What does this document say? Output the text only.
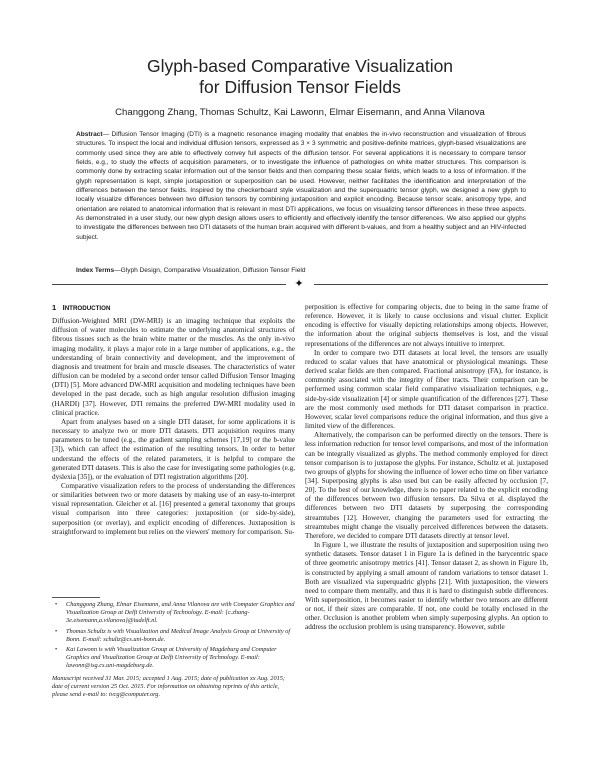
Glyph-based Comparative Visualization
for Diffusion Tensor Fields
Changgong Zhang, Thomas Schultz, Kai Lawonn, Elmar Eisemann, and Anna Vilanova
Abstract— Diffusion Tensor Imaging (DTI) is a magnetic resonance imaging modality that enables the in-vivo reconstruction and visualization of fibrous structures. To inspect the local and individual diffusion tensors, expressed as 3 × 3 symmetric and positive-definite matrices, glyph-based visualizations are commonly used since they are able to effectively convey full aspects of the diffusion tensor. For several applications it is necessary to compare tensor fields, e.g., to study the effects of acquisition parameters, or to investigate the influence of pathologies on white matter structures. This comparison is commonly done by extracting scalar information out of the tensor fields and then comparing these scalar fields, which leads to a loss of information. If the glyph representation is kept, simple juxtaposition or superposition can be used. However, neither facilitates the identification and interpretation of the differences between the tensor fields. Inspired by the checkerboard style visualization and the superquadric tensor glyph, we designed a new glyph to locally visualize differences between two diffusion tensors by combining juxtaposition and explicit encoding. Because tensor scale, anisotropy type, and orientation are related to anatomical information that is relevant in most DTI applications, we focus on visualizing tensor differences in these three aspects. As demonstrated in a user study, our new glyph design allows users to efficiently and effectively identify the tensor differences. We also applied our glyphs to investigate the differences between two DTI datasets of the human brain acquired with different b-values, and from a healthy subject and an HIV-infected subject.
Index Terms—Glyph Design, Comparative Visualization, Diffusion Tensor Field
✦
1 INTRODUCTION

Diffusion-Weighted MRI (DW-MRI) is an imaging technique that exploits the diffusion of water molecules to estimate the underlying anatomical structures of fibrous tissues such as the brain white matter or the muscles. As the only in-vivo imaging modality, it plays a major role in a large number of applications, e.g., the understanding of brain connectivity and development, and the improvement of diagnosis and treatment for brain and muscle diseases. The characteristics of water diffusion can be modeled by a second order tensor called Diffusion Tensor Imaging (DTI) [5]. More advanced DW-MRI acquisition and modeling techniques have been developed in the past decade, such as high angular resolution diffusion imaging (HARDI) [37]. However, DTI remains the preferred DW-MRI modality used in clinical practice.

Apart from analyses based on a single DTI dataset, for some applications it is necessary to analyze two or more DTI datasets. DTI acquisition requires many parameters to be tuned (e.g., the gradient sampling schemes [17,19] or the b-value [3]), which can affect the estimation of the resulting tensors. In order to better understand the effects of the related parameters, it is helpful to compare the generated DTI datasets. This is also the case for investigating some pathologies (e.g, dyslexia [35]), or the evaluation of DTI registration algorithms [20].

Comparative visualization refers to the process of understanding the differences or similarities between two or more datasets by making use of an easy-to-interpret visual representation. Gleicher et al. [16] presented a general taxonomy that groups visual comparison into three categories: juxtaposition (or side-by-side), superposition (or overlay), and explicit encoding of differences. Juxtaposition is straightforward to implement but relies on the viewers' memory for comparison. Su-

• Changgong Zhang, Elmar Eisemann, and Anna Vilanova are with Computer Graphics and Visualization Group at Delft University of Technology. E-mail: {c.zhang-3e.eisemann,a.vilanova}@tudelft.nl.
• Thomas Schultz is with Visualization and Medical Image Analysis Group at University of Bonn. E-mail: schultz@cs.uni-bonn.de.
• Kai Lawonn is with Visualization Group at University of Magdeburg and Computer Graphics and Visualization Group at Delft University of Technology. E-mail: lawonn@isg.cs.uni-magdeburg.de.
Manuscript received 31 Mar. 2015; accepted 1 Aug. 2015; date of publication xx Aug. 2015; date of current version 25 Oct. 2015. For information on obtaining reprints of this article, please send e-mail to: tvcg@computer.org.

perposition is effective for comparing objects, due to being in the same frame of reference. However, it is likely to cause occlusions and visual clutter. Explicit encoding is effective for visually depicting relationships among objects. However, the information about the original subjects themselves is lost, and the visual representations of the differences are not always intuitive to interpret.

In order to compare two DTI datasets at local level, the tensors are usually reduced to scalar values that have anatomical or physiological meanings. These derived scalar fields are then compared. Fractional anisotropy (FA), for instance, is commonly associated with the integrity of fiber tracts. Their comparison can be performed using common scalar field comparative visualization techniques, e.g., side-by-side visualization [4] or simple quantification of the differences [27]. These are the most commonly used methods for DTI dataset comparison in practice. However, scalar level comparisons reduce the original information, and thus give a limited view of the differences.

Alternatively, the comparison can be performed directly on the tensors. There is less information reduction for tensor level comparisons, and most of the information can be integrally visualized as glyphs. The method commonly employed for direct tensor comparison is to juxtapose the glyphs. For instance, Schultz et al. juxtaposed two groups of glyphs for showing the influence of lower echo time on fiber variance [34]. Superposing glyphs is also used but can be easily affected by occlusion [7, 20]. To the best of our knowledge, there is no paper related to the explicit encoding of the differences between two diffusion tensors. Da Silva et al. displayed the differences between two DTI datasets by superposing the corresponding streamtubes [12]. However, changing the parameters used for extracting the streamtubes might change the visually perceived differences between the datasets. Therefore, we decided to compare DTI datasets directly at tensor level.

In Figure 1, we illustrate the results of juxtaposition and superposition using two synthetic datasets. Tensor dataset 1 in Figure 1a is defined in the barycentric space of three geometric anisotropy metrics [41]. Tensor dataset 2, as shown in Figure 1b, is constructed by applying a small amount of random variations to tensor dataset 1. Both are visualized via superquadric glyphs [21]. With juxtaposition, the viewers need to compare them mentally, and thus it is hard to distinguish subtle differences. With superposition, it becomes easier to identify whether two tensors are different or not, if their sizes are comparable. If not, one could be totally enclosed in the other. Occlusion is another problem when simply superposing glyphs. An option to address the occlusion problem is using transparency. However, subtle
